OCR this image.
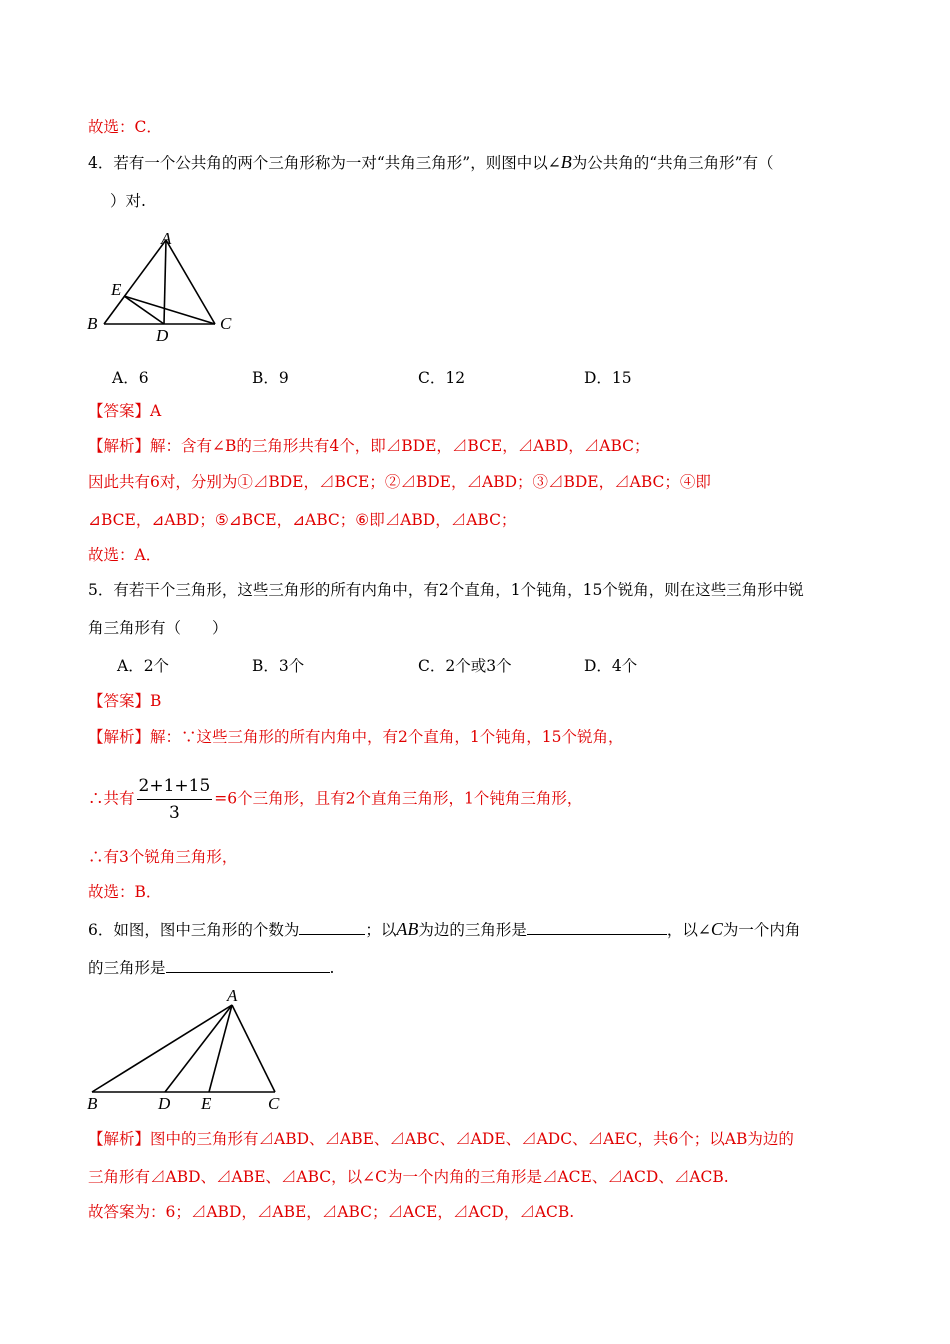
故选：C．
4．若有一个公共角的两个三角形称为一对“共角三角形”，则图中以∠B为公共角的“共角三角形”有（
）对.
A
B	C
D
E
A．6	B．9	C．12	D．15
【答案】A
【解析】解：含有∠B的三角形共有4个，即⊿BDE，⊿BCE，⊿ABD，⊿ABC；
因此共有6对，分别为①⊿BDE，⊿BCE；②⊿BDE，⊿ABD；③⊿BDE，⊿ABC；④即
⊿BCE，⊿ABD；⑤⊿BCE，⊿ABC；⑥即⊿ABD，⊿ABC；
故选：A．
5．有若干个三角形，这些三角形的所有内角中，有2个直角，1个钝角，15个锐角，则在这些三角形中锐
角三角形有（　　）
A．2个	B．3个	C．2个或3个	D．4个
【答案】B
【解析】解：∵这些三角形的所有内角中，有2个直角，1个钝角，15个锐角，
∴共有 $\frac{2+1+15}{3} =6$个三角形，且有2个直角三角形，1个钝角三角形，
∴有3个锐角三角形，
故选：B．
6．如图，图中三角形的个数为	；以AB为边的三角形是	，以∠C为一个内角
的三角形是	.
A
B	D E	C
【解析】图中的三角形有⊿ABD、⊿ABE、⊿ABC、⊿ADE、⊿ADC、⊿AEC，共6个；以AB为边的
三角形有⊿ABD、⊿ABE、⊿ABC，以∠C为一个内角的三角形是⊿ACE、⊿ACD、⊿ACB.
故答案为：6；⊿ABD，⊿ABE，⊿ABC；⊿ACE，⊿ACD，⊿ACB.
